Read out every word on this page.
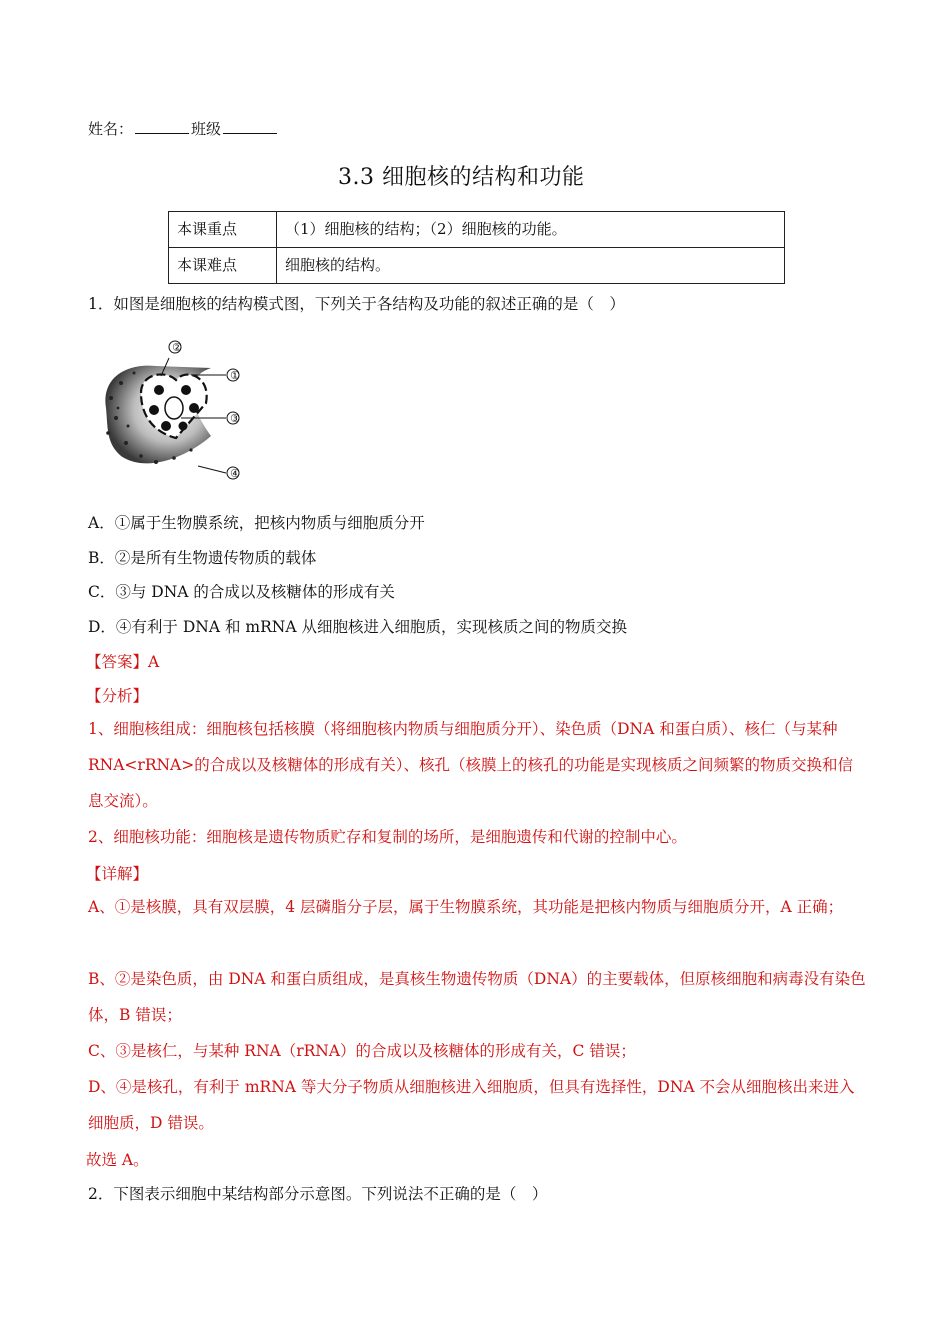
姓名：	班级
3.3 细胞核的结构和功能
本课重点	（1）细胞核的结构；（2）细胞核的功能。
本课难点	细胞核的结构。
1．如图是细胞核的结构模式图，下列关于各结构及功能的叙述正确的是（　）
②
①
③
④
A．①属于生物膜系统，把核内物质与细胞质分开
B．②是所有生物遗传物质的载体
C．③与 DNA 的合成以及核糖体的形成有关
D．④有利于 DNA 和 mRNA 从细胞核进入细胞质，实现核质之间的物质交换
【答案】A
【分析】
1、细胞核组成：细胞核包括核膜（将细胞核内物质与细胞质分开）、染色质（DNA 和蛋白质）、核仁（与某种 RNA<rRNA>的合成以及核糖体的形成有关）、核孔（核膜上的核孔的功能是实现核质之间频繁的物质交换和信息交流）。
2、细胞核功能：细胞核是遗传物质贮存和复制的场所，是细胞遗传和代谢的控制中心。
【详解】
A、①是核膜，具有双层膜，4 层磷脂分子层，属于生物膜系统，其功能是把核内物质与细胞质分开，A 正确；
B、②是染色质，由 DNA 和蛋白质组成，是真核生物遗传物质（DNA）的主要载体，但原核细胞和病毒没有染色体，B 错误；
C、③是核仁，与某种 RNA（rRNA）的合成以及核糖体的形成有关，C 错误；
D、④是核孔，有利于 mRNA 等大分子物质从细胞核进入细胞质，但具有选择性，DNA 不会从细胞核出来进入细胞质，D 错误。
故选 A。
2．下图表示细胞中某结构部分示意图。下列说法不正确的是（　）
